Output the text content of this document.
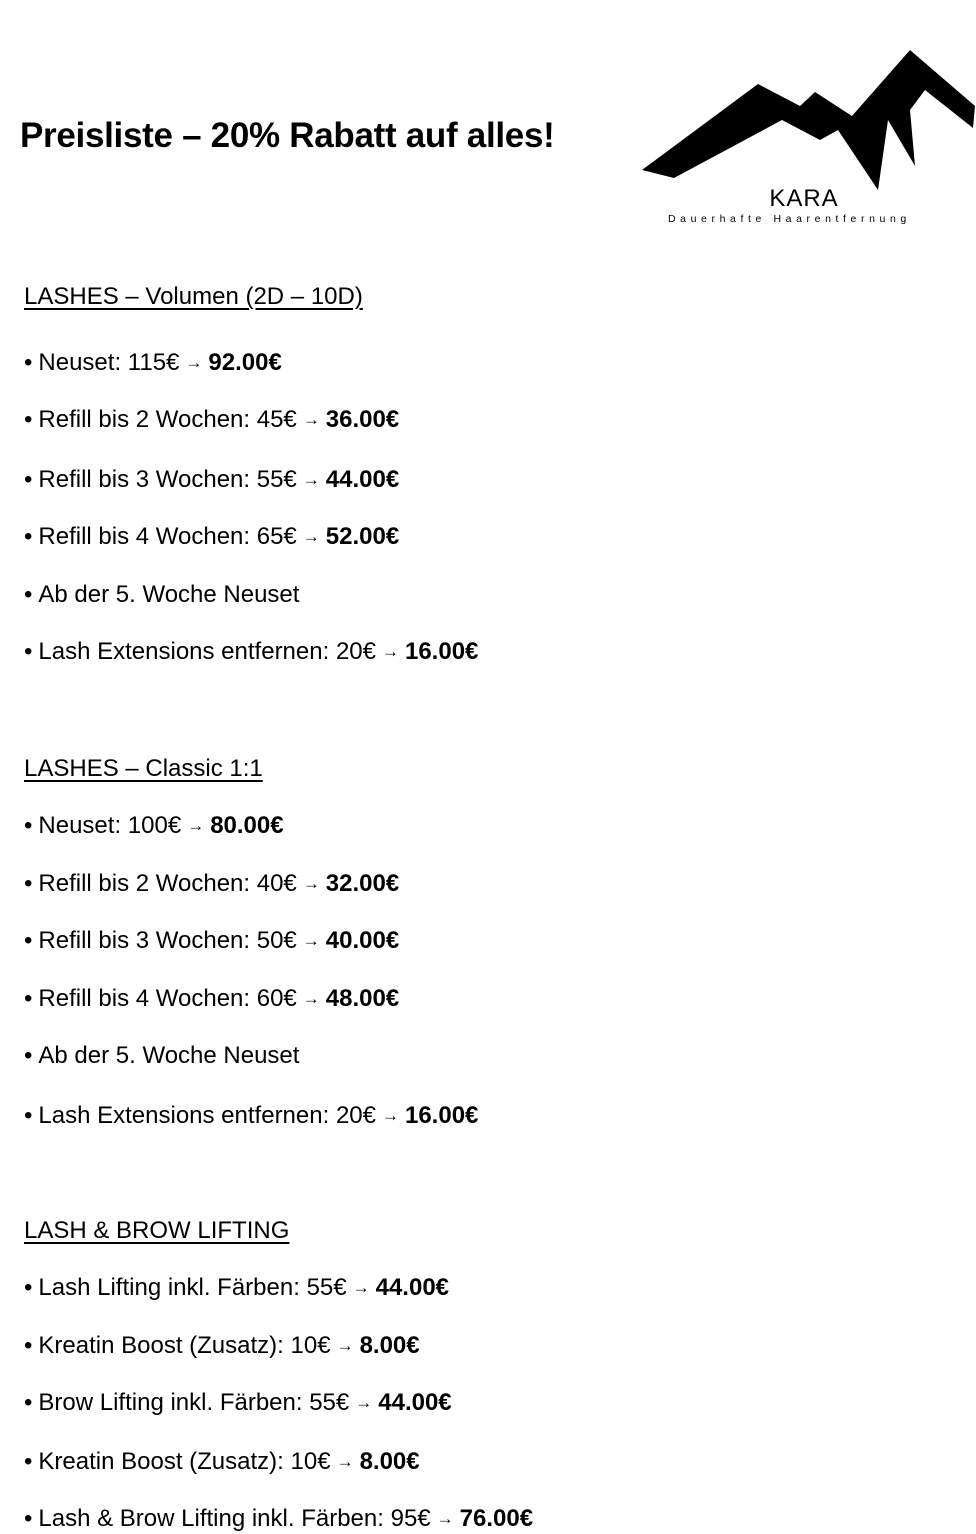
Preisliste – 20% Rabatt auf alles!
KARA
Dauerhafte Haarentfernung
LASHES – Volumen (2D – 10D)
• Neuset: 115€ → 92.00€
• Refill bis 2 Wochen: 45€ → 36.00€
• Refill bis 3 Wochen: 55€ → 44.00€
• Refill bis 4 Wochen: 65€ → 52.00€
• Ab der 5. Woche Neuset
• Lash Extensions entfernen: 20€ → 16.00€
LASHES – Classic 1:1
• Neuset: 100€ → 80.00€
• Refill bis 2 Wochen: 40€ → 32.00€
• Refill bis 3 Wochen: 50€ → 40.00€
• Refill bis 4 Wochen: 60€ → 48.00€
• Ab der 5. Woche Neuset
• Lash Extensions entfernen: 20€ → 16.00€
LASH & BROW LIFTING
• Lash Lifting inkl. Färben: 55€ → 44.00€
• Kreatin Boost (Zusatz): 10€ → 8.00€
• Brow Lifting inkl. Färben: 55€ → 44.00€
• Kreatin Boost (Zusatz): 10€ → 8.00€
• Lash & Brow Lifting inkl. Färben: 95€ → 76.00€
